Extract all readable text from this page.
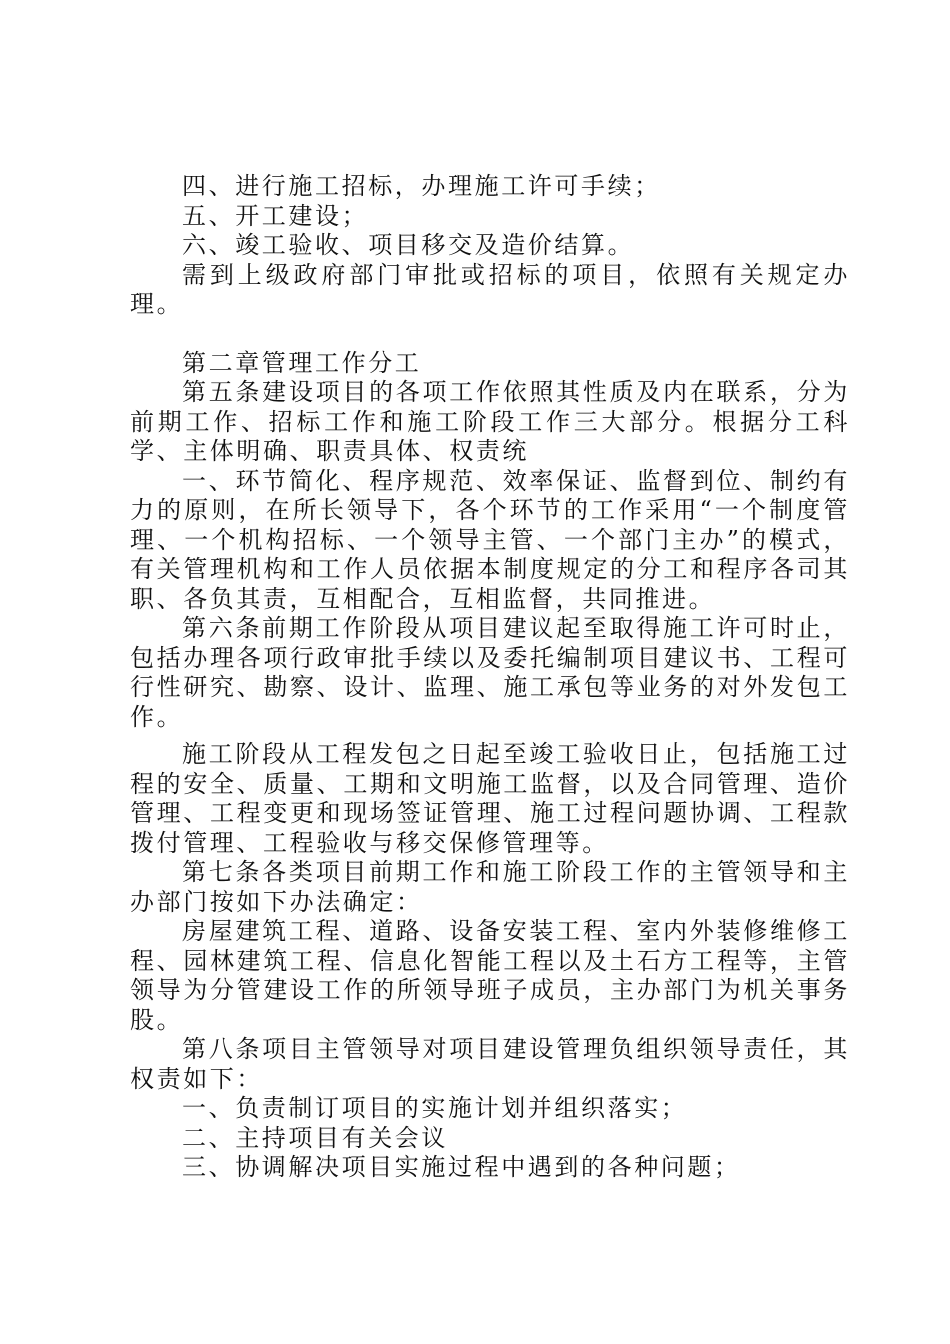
四、进行施工招标，办理施工许可手续；

五、开工建设；

六、竣工验收、项目移交及造价结算。

需到上级政府部门审批或招标的项目，依照有关规定办理。

第二章管理工作分工

第五条建设项目的各项工作依照其性质及内在联系，分为前期工作、招标工作和施工阶段工作三大部分。根据分工科学、主体明确、职责具体、权责统

一、环节简化、程序规范、效率保证、监督到位、制约有力的原则，在所长领导下，各个环节的工作采用“一个制度管理、一个机构招标、一个领导主管、一个部门主办”的模式，有关管理机构和工作人员依据本制度规定的分工和程序各司其职、各负其责，互相配合，互相监督，共同推进。

第六条前期工作阶段从项目建议起至取得施工许可时止，包括办理各项行政审批手续以及委托编制项目建议书、工程可行性研究、勘察、设计、监理、施工承包等业务的对外发包工作。

施工阶段从工程发包之日起至竣工验收日止，包括施工过程的安全、质量、工期和文明施工监督，以及合同管理、造价管理、工程变更和现场签证管理、施工过程问题协调、工程款拨付管理、工程验收与移交保修管理等。

第七条各类项目前期工作和施工阶段工作的主管领导和主办部门按如下办法确定：

房屋建筑工程、道路、设备安装工程、室内外装修维修工程、园林建筑工程、信息化智能工程以及土石方工程等，主管领导为分管建设工作的所领导班子成员，主办部门为机关事务股。

第八条项目主管领导对项目建设管理负组织领导责任，其权责如下：

一、负责制订项目的实施计划并组织落实；

二、主持项目有关会议

三、协调解决项目实施过程中遇到的各种问题；
